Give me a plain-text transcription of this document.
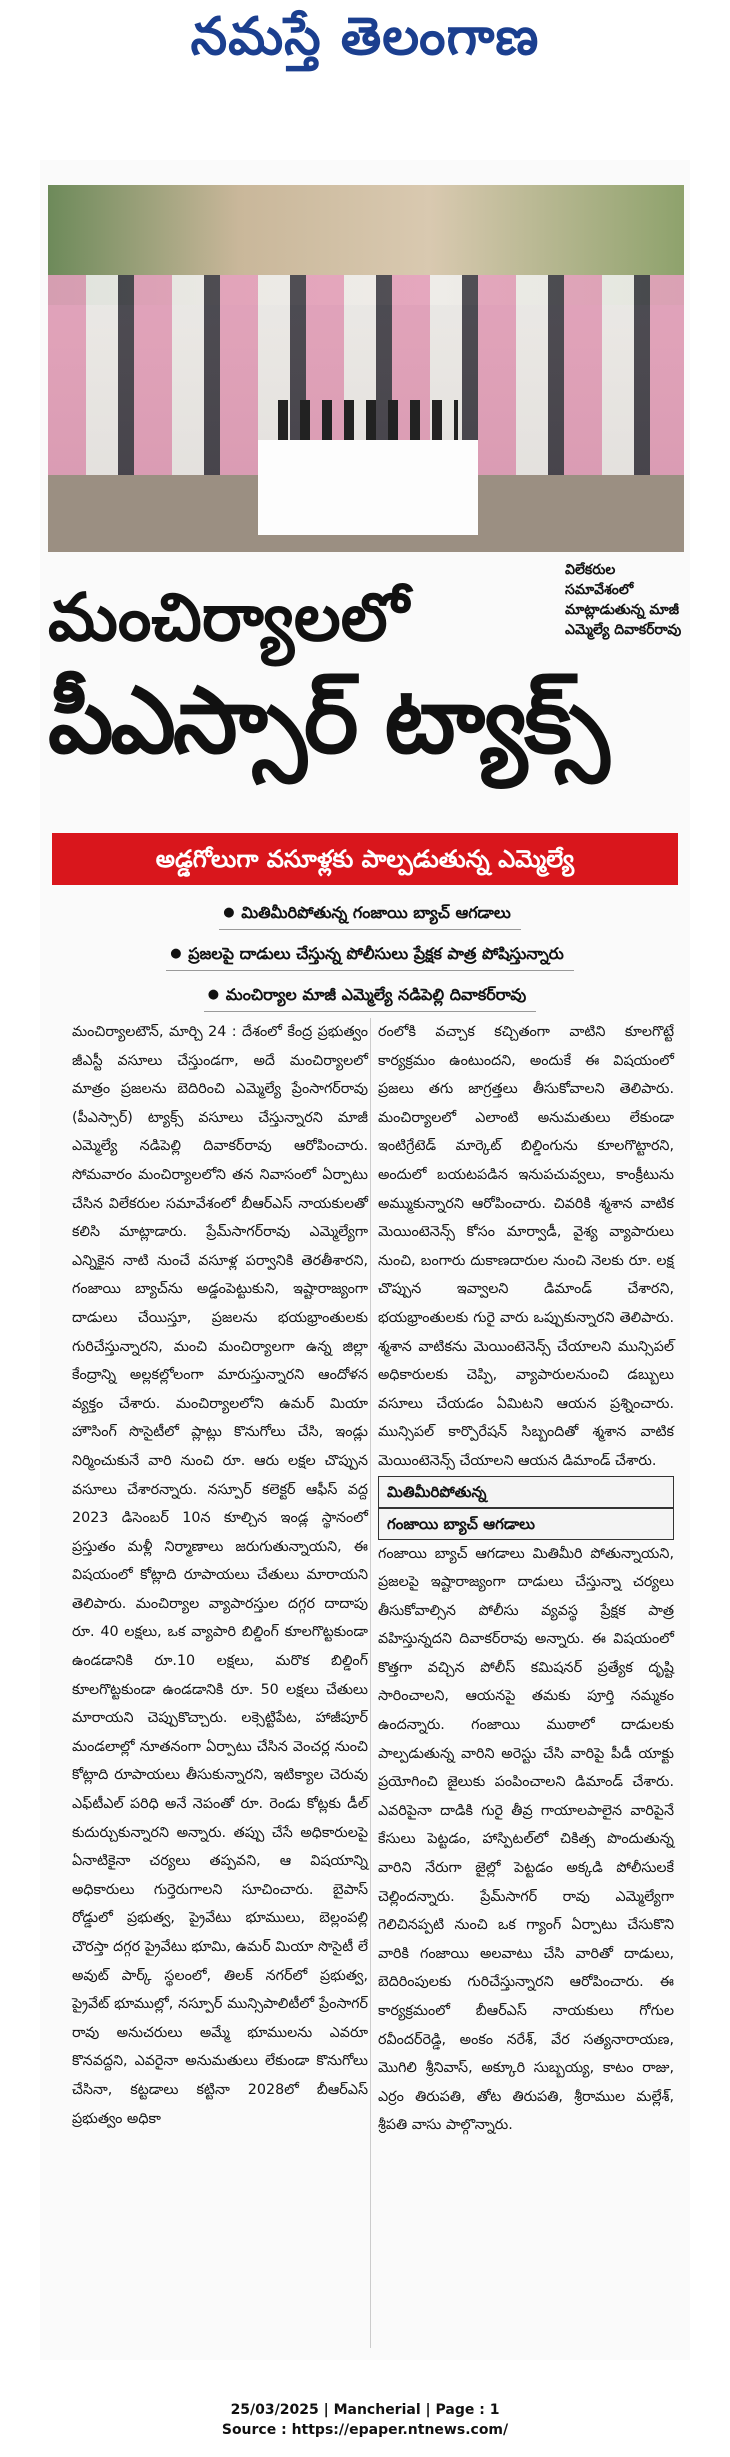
నమస్తే తెలంగాణ
విలేకరుల సమావేశంలో మాట్లాడుతున్న మాజీ ఎమ్మెల్యే దివాకర్‌రావు
మంచిర్యాలలో
పీఎస్సార్ ట్యాక్స్
అడ్డగోలుగా వసూళ్లకు పాల్పడుతున్న ఎమ్మెల్యే
● మితిమీరిపోతున్న గంజాయి బ్యాచ్ ఆగడాలు
● ప్రజలపై దాడులు చేస్తున్న పోలీసులు ప్రేక్షక పాత్ర పోషిస్తున్నారు
● మంచిర్యాల మాజీ ఎమ్మెల్యే నడిపెల్లి దివాకర్‌రావు

మంచిర్యాలటౌన్, మార్చి 24 : దేశంలో కేంద్ర ప్రభుత్వం జీఎస్టీ వసూలు చేస్తుండగా, అదే మంచిర్యాలలో మాత్రం ప్రజలను బెదిరించి ఎమ్మెల్యే ప్రేంసాగర్‌రావు (పీఎస్సార్) ట్యాక్స్ వసూలు చేస్తున్నారని మాజీ ఎమ్మెల్యే నడిపెల్లి దివాకర్‌రావు ఆరోపించారు. సోమవారం మంచిర్యాలలోని తన నివాసంలో ఏర్పాటు చేసిన విలేకరుల సమావేశంలో బీఆర్‌ఎస్ నాయకులతో కలిసి మాట్లాడారు. ప్రేమ్‌సాగర్‌రావు ఎమ్మెల్యేగా ఎన్నికైన నాటి నుంచే వసూళ్ల పర్వానికి తెరతీశారని, గంజాయి బ్యాచ్‌ను అడ్డంపెట్టుకుని, ఇష్టారాజ్యంగా దాడులు చేయిస్తూ, ప్రజలను భయభ్రాంతులకు గురిచేస్తున్నారని, మంచి మంచిర్యాలగా ఉన్న జిల్లా కేంద్రాన్ని అల్లకల్లోలంగా మారుస్తున్నారని ఆందోళన వ్యక్తం చేశారు. మంచిర్యాలలోని ఉమర్ మియా హౌసింగ్ సొసైటీలో ప్లాట్లు కొనుగోలు చేసి, ఇండ్లు నిర్మించుకునే వారి నుంచి రూ. ఆరు లక్షల చొప్పున వసూలు చేశారన్నారు. నస్పూర్ కలెక్టర్ ఆఫీస్ వద్ద 2023 డిసెంబర్ 10న కూల్చిన ఇండ్ల స్థానంలో ప్రస్తుతం మళ్లీ నిర్మాణాలు జరుగుతున్నాయని, ఈ విషయంలో కోట్లాది రూపాయలు చేతులు మారాయని తెలిపారు. మంచిర్యాల వ్యాపారస్తుల దగ్గర దాదాపు రూ. 40 లక్షలు, ఒక వ్యాపారి బిల్డింగ్ కూలగొట్టకుండా ఉండడానికి రూ.10 లక్షలు, మరొక బిల్డింగ్ కూలగొట్టకుండా ఉండడానికి రూ. 50 లక్షలు చేతులు మారాయని చెప్పుకొచ్చారు. లక్సెట్టిపేట, హాజీపూర్ మండలాల్లో నూతనంగా ఏర్పాటు చేసిన వెంచర్ల నుంచి కోట్లాది రూపాయలు తీసుకున్నారని, ఇటిక్యాల చెరువు ఎఫ్‌టీఎల్ పరిధి అనే నెపంతో రూ. రెండు కోట్లకు డీల్ కుదుర్చుకున్నారని అన్నారు. తప్పు చేసే అధికారులపై ఏనాటికైనా చర్యలు తప్పవని, ఆ విషయాన్ని అధికారులు గుర్తెరుగాలని సూచించారు. బైపాస్ రోడ్డులో ప్రభుత్వ, ప్రైవేటు భూములు, బెల్లంపల్లి చౌరస్తా దగ్గర ప్రైవేటు భూమి, ఉమర్ మియా సొసైటీ లే అవుట్ పార్క్ స్థలంలో, తిలక్ నగర్‌లో ప్రభుత్వ, ప్రైవేట్ భూముల్లో, నస్పూర్ మున్సిపాలిటీలో ప్రేంసాగర్ రావు అనుచరులు అమ్మే భూములను ఎవరూ కొనవద్దని, ఎవరైనా అనుమతులు లేకుండా కొనుగోలు చేసినా, కట్టడాలు కట్టినా 2028లో బీఆర్‌ఎస్ ప్రభుత్వం అధికా

రంలోకి వచ్చాక కచ్చితంగా వాటిని కూలగొట్టే కార్యక్రమం ఉంటుందని, అందుకే ఈ విషయంలో ప్రజలు తగు జాగ్రత్తలు తీసుకోవాలని తెలిపారు. మంచిర్యాలలో ఎలాంటి అనుమతులు లేకుండా ఇంటిగ్రేటెడ్ మార్కెట్ బిల్డింగును కూలగొట్టారని, అందులో బయటపడిన ఇనుపచువ్వలు, కాంక్రీటును అమ్ముకున్నారని ఆరోపించారు. చివరికి శ్మశాన వాటిక మెయింటెనెన్స్ కోసం మార్వాడీ, వైశ్య వ్యాపారులు నుంచి, బంగారు దుకాణదారుల నుంచి నెలకు రూ. లక్ష చొప్పున ఇవ్వాలని డిమాండ్ చేశారని, భయభ్రాంతులకు గురై వారు ఒప్పుకున్నారని తెలిపారు. శ్మశాన వాటికను మెయింటెనెన్స్ చేయాలని మున్సిపల్ అధికారులకు చెప్పి, వ్యాపారులనుంచి డబ్బులు వసూలు చేయడం ఏమిటని ఆయన ప్రశ్నించారు. మున్సిపల్ కార్పొరేషన్ సిబ్బందితో శ్మశాన వాటిక మెయింటెనెన్స్ చేయాలని ఆయన డిమాండ్ చేశారు.

మితిమీరిపోతున్న

గంజాయి బ్యాచ్ ఆగడాలు

గంజాయి బ్యాచ్ ఆగడాలు మితిమీరి పోతున్నాయని, ప్రజలపై ఇష్టారాజ్యంగా దాడులు చేస్తున్నా చర్యలు తీసుకోవాల్సిన పోలీసు వ్యవస్థ ప్రేక్షక పాత్ర వహిస్తున్నదని దివాకర్‌రావు అన్నారు. ఈ విషయంలో కొత్తగా వచ్చిన పోలీస్ కమిషనర్ ప్రత్యేక దృష్టి సారించాలని, ఆయనపై తమకు పూర్తి నమ్మకం ఉందన్నారు. గంజాయి ముఠాలో దాడులకు పాల్పడుతున్న వారిని అరెస్టు చేసి వారిపై పీడీ యాక్టు ప్రయోగించి జైలుకు పంపించాలని డిమాండ్ చేశారు. ఎవరిపైనా దాడికి గురై తీవ్ర గాయాలపాలైన వారిపైనే కేసులు పెట్టడం, హాస్పిటల్‌లో చికిత్స పొందుతున్న వారిని నేరుగా జైల్లో పెట్టడం అక్కడి పోలీసులకే చెల్లిందన్నారు. ప్రేమ్‌సాగర్ రావు ఎమ్మెల్యేగా గెలిచినప్పటి నుంచి ఒక గ్యాంగ్ ఏర్పాటు చేసుకొని వారికి గంజాయి అలవాటు చేసి వారితో దాడులు, బెదిరింపులకు గురిచేస్తున్నారని ఆరోపించారు. ఈ కార్యక్రమంలో బీఆర్‌ఎస్ నాయకులు గోగుల రవీందర్‌రెడ్డి, అంకం నరేశ్, వేర సత్యనారాయణ, మొగిలి శ్రీనివాస్, అక్కూరి సుబ్బయ్య, కాటం రాజు, ఎర్రం తిరుపతి, తోట తిరుపతి, శ్రీరాముల మల్లేశ్, శ్రీపతి వాసు పాల్గొన్నారు.

25/03/2025 | Mancherial | Page : 1
Source : https://epaper.ntnews.com/
